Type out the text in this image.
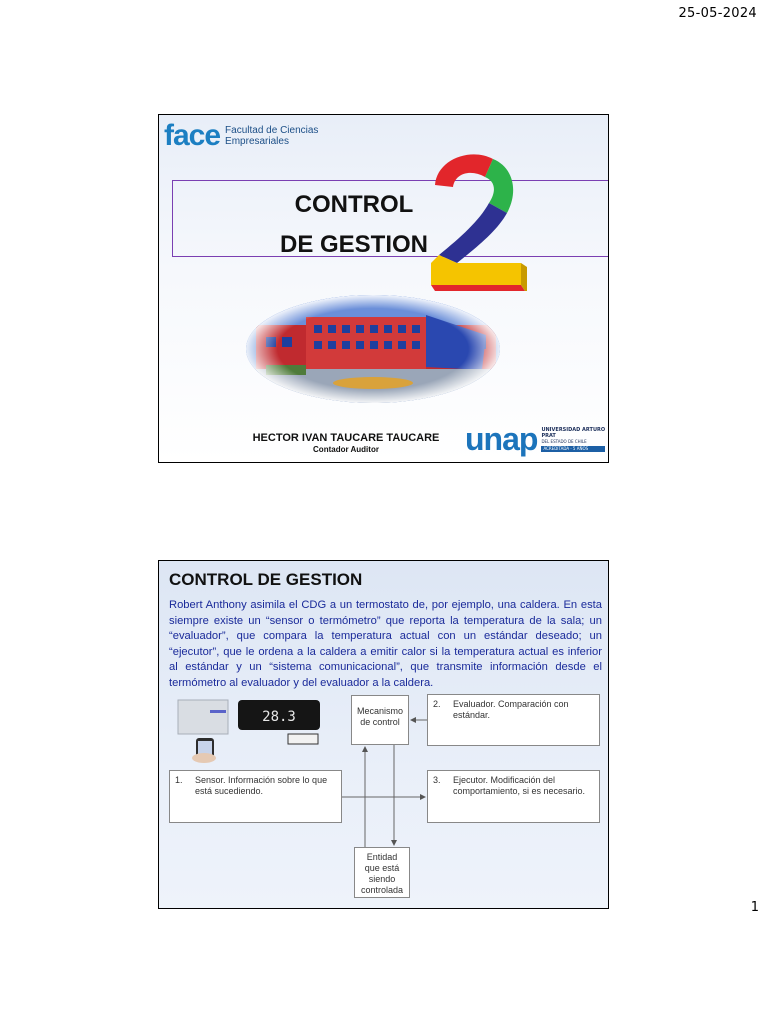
25-05-2024
face Facultad de Ciencias Empresariales
CONTROL
DE GESTION
HECTOR IVAN TAUCARE TAUCARE
Contador Auditor	unap UNIVERSIDAD ARTURO PRAT
DEL ESTADO DE CHILE
ACREDITADA · 5 AÑOS
CONTROL DE GESTION
Robert Anthony asimila el CDG a un termostato de, por ejemplo, una caldera. En esta siempre existe un “sensor o termómetro” que reporta la temperatura de la sala; un “evaluador”, que compara la temperatura actual con un estándar deseado; un “ejecutor”, que le ordena a la caldera a emitir calor si la temperatura actual es inferior al estándar y un “sistema comunicacional”, que transmite información desde el termómetro al evaluador y del evaluador a la caldera.
28.3	Mecanismo de control
2. Evaluador. Comparación con estándar.
1. Sensor. Información sobre lo que está sucediendo.
3. Ejecutor. Modificación del comportamiento, si es necesario.
Entidad que está siendo controlada
1
